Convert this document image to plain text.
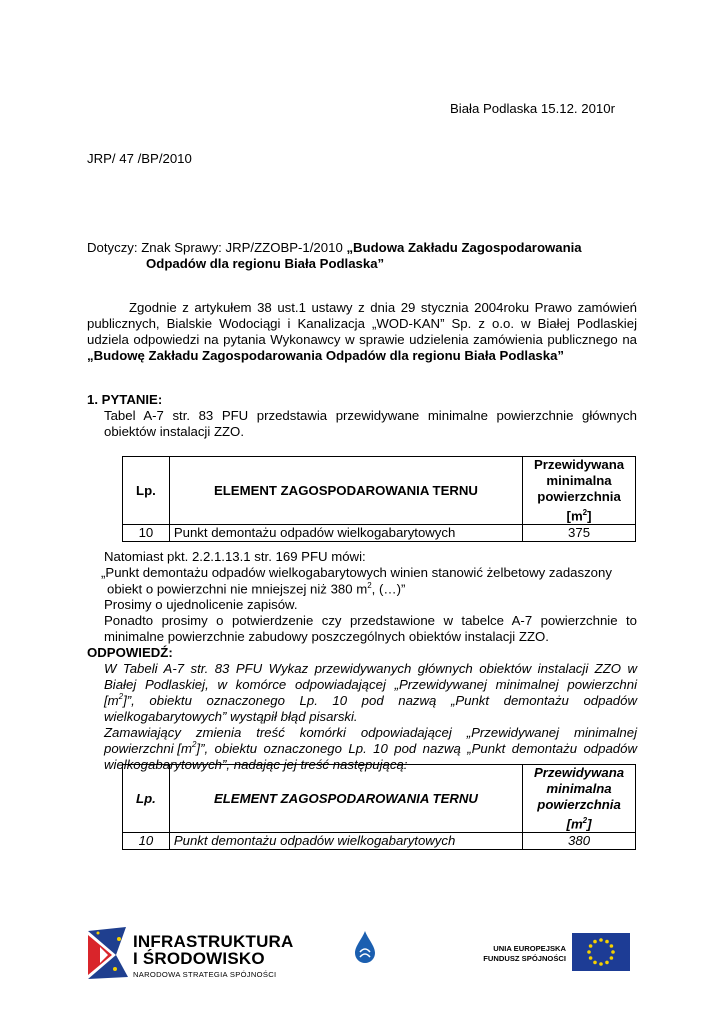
Biała Podlaska 15.12. 2010r
JRP/ 47 /BP/2010
Dotyczy: Znak Sprawy: JRP/ZZOBP-1/2010 „Budowa Zakładu Zagospodarowania
Odpadów dla regionu Biała Podlaska”
Zgodnie z artykułem 38 ust.1 ustawy z dnia 29 stycznia 2004roku Prawo zamówień
publicznych, Bialskie Wodociągi i Kanalizacja „WOD-KAN” Sp. z o.o. w Białej Podlaskiej
udziela odpowiedzi na pytania Wykonawcy w sprawie udzielenia zamówienia publicznego na
„Budowę Zakładu Zagospodarowania Odpadów dla regionu Biała Podlaska”
1. PYTANIE:
Tabel A-7 str. 83 PFU przedstawia przewidywane minimalne powierzchnie głównych
obiektów instalacji ZZO.
Lp.	ELEMENT ZAGOSPODAROWANIA TERNU	Przewidywana
minimalna
powierzchnia
$[m^2]$

10	Punkt demontażu odpadów wielkogabarytowych	375
Natomiast pkt. 2.2.1.13.1 str. 169 PFU mówi:
„Punkt demontażu odpadów wielkogabarytowych winien stanowić żelbetowy zadaszony
obiekt o powierzchni nie mniejszej niż 380 $m^2$, (…)”
Prosimy o ujednolicenie zapisów.
Ponadto prosimy o potwierdzenie czy przedstawione w tabelce A-7 powierzchnie to
minimalne powierzchnie zabudowy poszczególnych obiektów instalacji ZZO.
ODPOWIEDŹ:
W Tabeli A-7 str. 83 PFU Wykaz przewidywanych głównych obiektów instalacji ZZO w
Białej Podlaskiej, w komórce odpowiadającej „Przewidywanej minimalnej powierzchni
[m 2 ]”, obiektu oznaczonego Lp. 10 pod nazwą „Punkt demontażu odpadów
wielkogabarytowych” wystąpił błąd pisarski.
Zamawiający zmienia treść komórki odpowiadającej „Przewidywanej minimalnej
powierzchni [m 2 ]”, obiektu oznaczonego Lp. 10 pod nazwą „Punkt demontażu odpadów
wielkogabarytowych”, nadając jej treść następującą:
Lp.	ELEMENT ZAGOSPODAROWANIA TERNU	Przewidywana
minimalna
powierzchnia
$[m^2]$

10	Punkt demontażu odpadów wielkogabarytowych	380
INFRASTRUKTURA
I ŚRODOWISKO
NARODOWA STRATEGIA SPÓJNOŚCI
UNIA EUROPEJSKA
FUNDUSZ SPÓJNOŚCI
